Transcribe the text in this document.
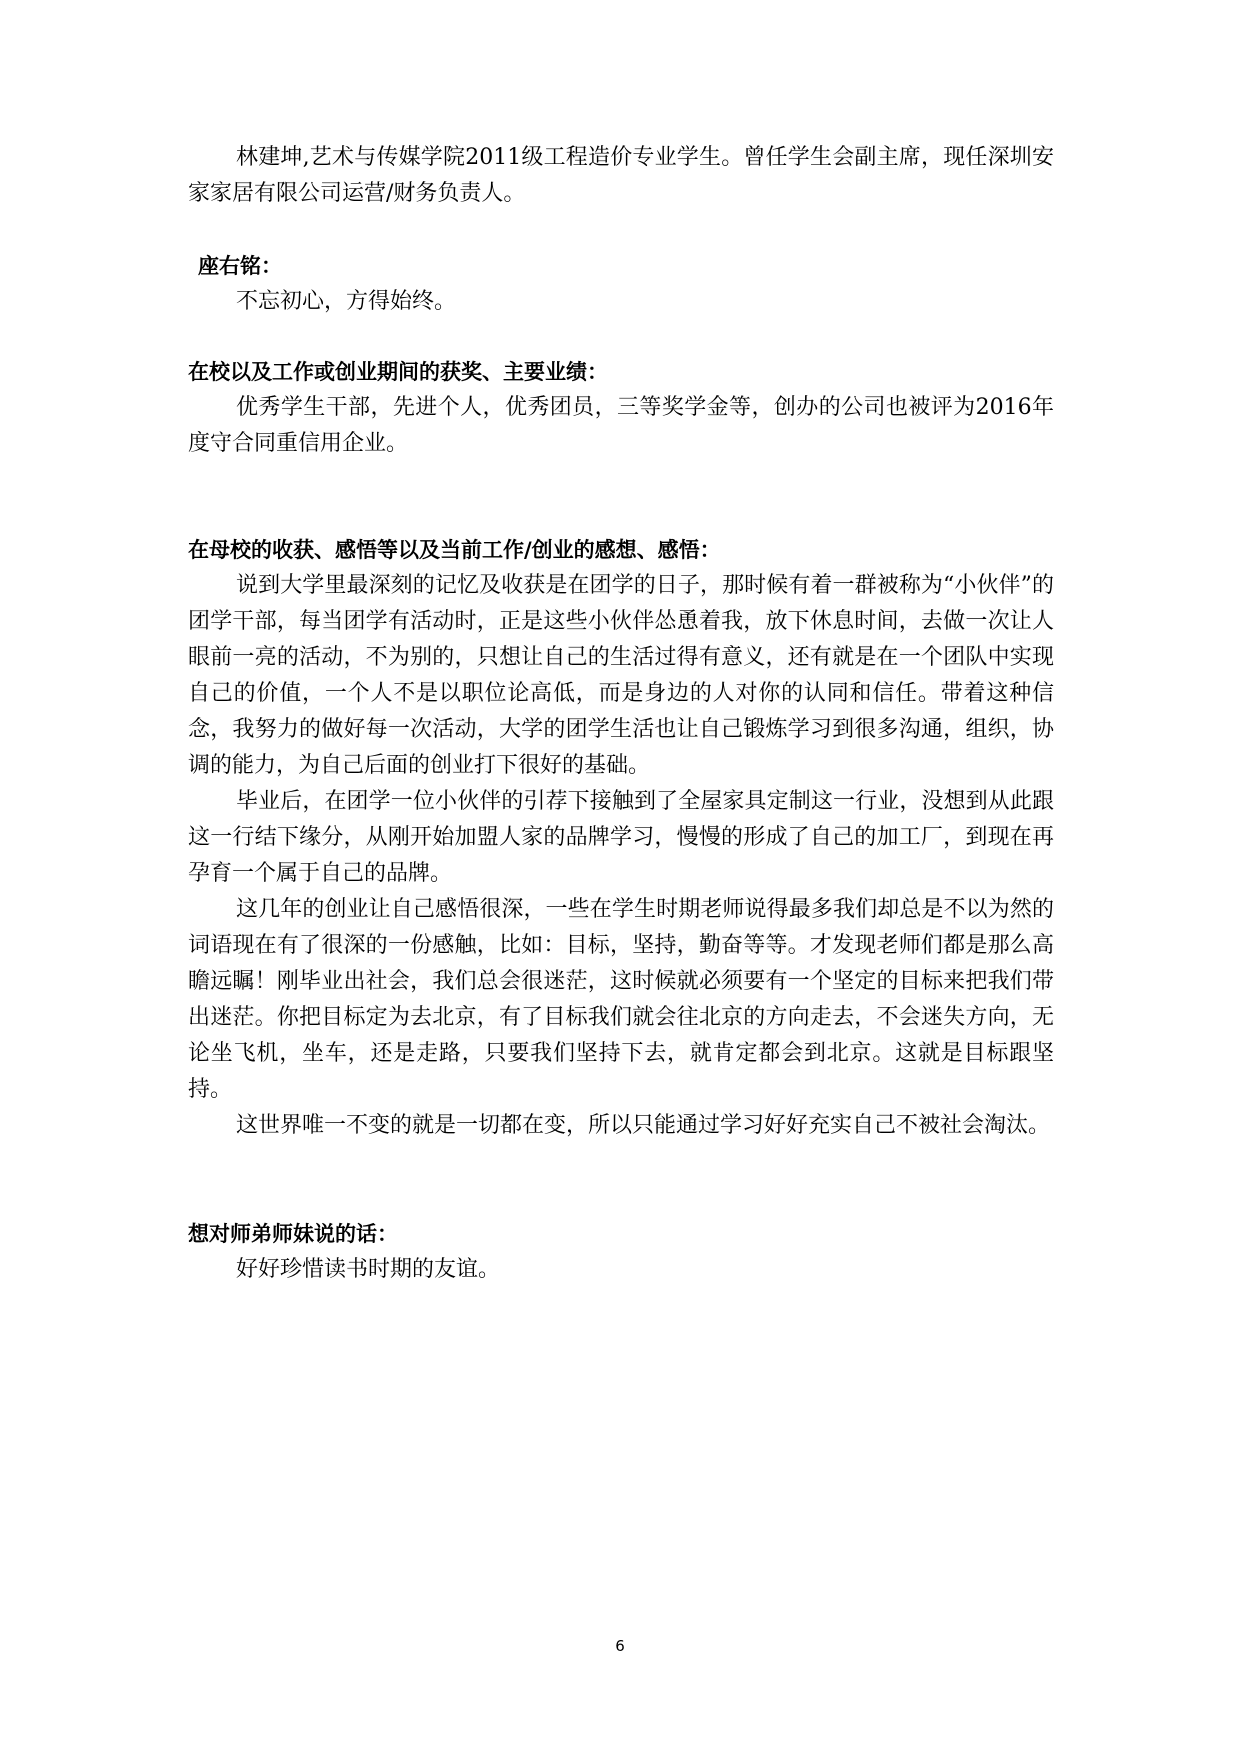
林建坤,艺术与传媒学院2011级工程造价专业学生。曾任学生会副主席，现任深圳安家家居有限公司运营/财务负责人。

座右铭：

不忘初心，方得始终。

在校以及工作或创业期间的获奖、主要业绩：

优秀学生干部，先进个人，优秀团员，三等奖学金等，创办的公司也被评为2016年度守合同重信用企业。

在母校的收获、感悟等以及当前工作/创业的感想、感悟：

说到大学里最深刻的记忆及收获是在团学的日子，那时候有着一群被称为“小伙伴”的团学干部，每当团学有活动时，正是这些小伙伴怂恿着我，放下休息时间，去做一次让人眼前一亮的活动，不为别的，只想让自己的生活过得有意义，还有就是在一个团队中实现自己的价值，一个人不是以职位论高低，而是身边的人对你的认同和信任。带着这种信念，我努力的做好每一次活动，大学的团学生活也让自己锻炼学习到很多沟通，组织，协调的能力，为自己后面的创业打下很好的基础。

毕业后，在团学一位小伙伴的引荐下接触到了全屋家具定制这一行业，没想到从此跟这一行结下缘分，从刚开始加盟人家的品牌学习，慢慢的形成了自己的加工厂，到现在再孕育一个属于自己的品牌。

这几年的创业让自己感悟很深，一些在学生时期老师说得最多我们却总是不以为然的词语现在有了很深的一份感触，比如：目标，坚持，勤奋等等。才发现老师们都是那么高瞻远瞩！刚毕业出社会，我们总会很迷茫，这时候就必须要有一个坚定的目标来把我们带出迷茫。你把目标定为去北京，有了目标我们就会往北京的方向走去，不会迷失方向，无论坐飞机，坐车，还是走路，只要我们坚持下去，就肯定都会到北京。这就是目标跟坚持。

这世界唯一不变的就是一切都在变，所以只能通过学习好好充实自己不被社会淘汰。

想对师弟师妹说的话：

好好珍惜读书时期的友谊。

6
